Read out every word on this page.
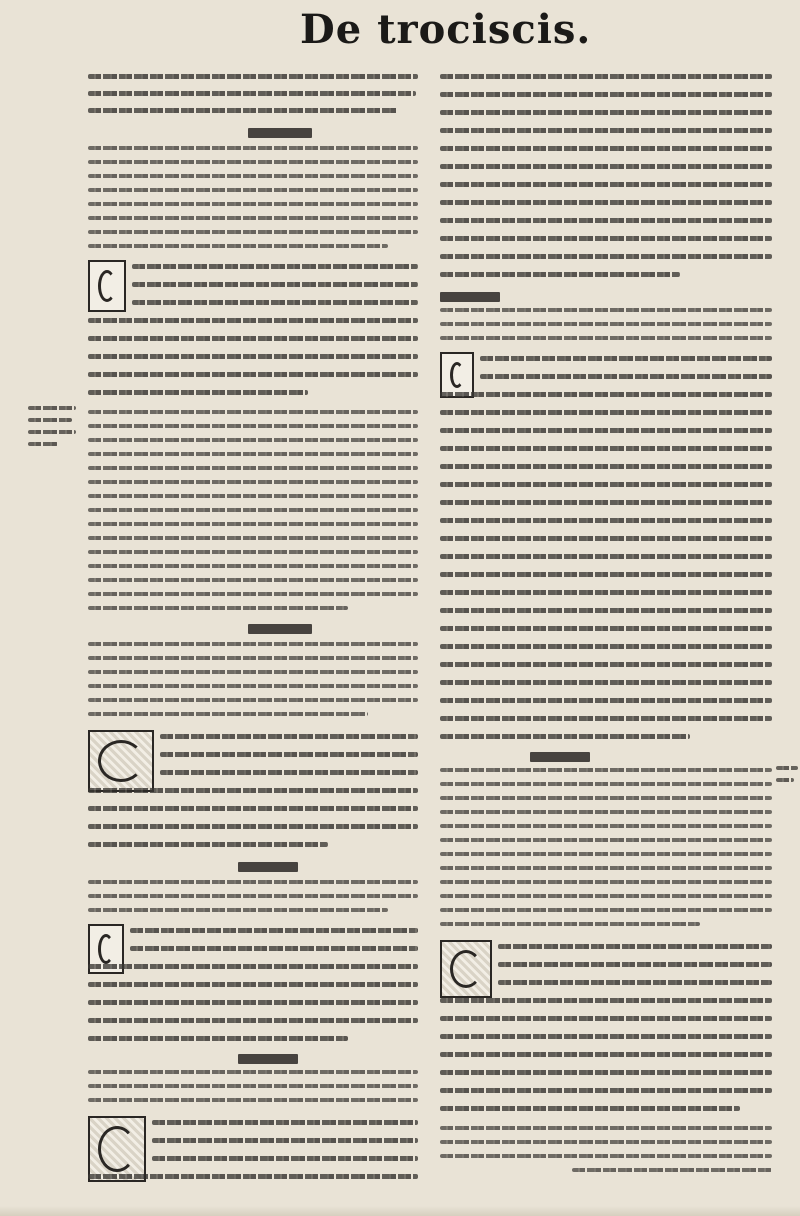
De trociscis.
